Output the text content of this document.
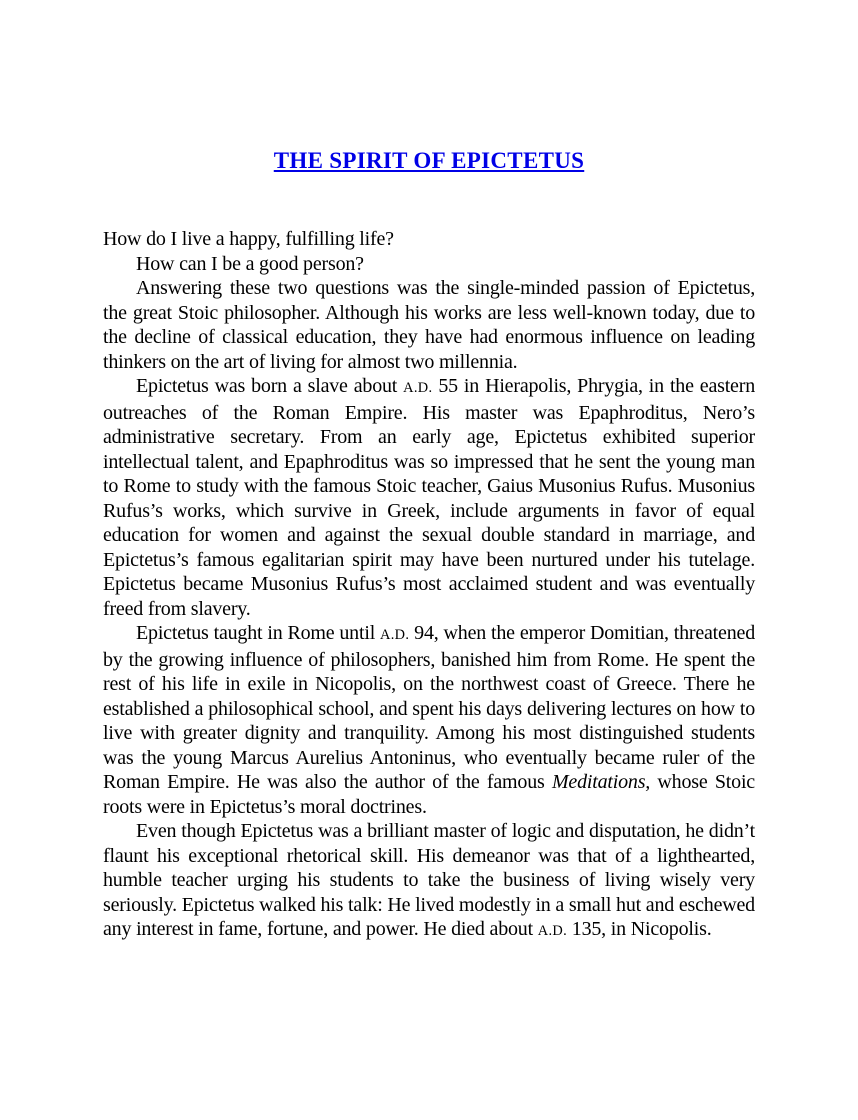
THE SPIRIT OF EPICTETUS

How do I live a happy, fulfilling life?

How can I be a good person?

Answering these two questions was the single-minded passion of Epictetus, the great Stoic philosopher. Although his works are less well-known today, due to the decline of classical education, they have had enormous influence on leading thinkers on the art of living for almost two millennia.

Epictetus was born a slave about A.D. 55 in Hierapolis, Phrygia, in the eastern outreaches of the Roman Empire. His master was Epaphroditus, Nero’s administrative secretary. From an early age, Epictetus exhibited superior intellectual talent, and Epaphroditus was so impressed that he sent the young man to Rome to study with the famous Stoic teacher, Gaius Musonius Rufus. Musonius Rufus’s works, which survive in Greek, include arguments in favor of equal education for women and against the sexual double standard in marriage, and Epictetus’s famous egalitarian spirit may have been nurtured under his tutelage. Epictetus became Musonius Rufus’s most acclaimed student and was eventually freed from slavery.

Epictetus taught in Rome until A.D. 94, when the emperor Domitian, threatened by the growing influence of philosophers, banished him from Rome. He spent the rest of his life in exile in Nicopolis, on the northwest coast of Greece. There he established a philosophical school, and spent his days delivering lectures on how to live with greater dignity and tranquility. Among his most distinguished students was the young Marcus Aurelius Antoninus, who eventually became ruler of the Roman Empire. He was also the author of the famous Meditations, whose Stoic roots were in Epictetus’s moral doctrines.

Even though Epictetus was a brilliant master of logic and disputation, he didn’t flaunt his exceptional rhetorical skill. His demeanor was that of a lighthearted, humble teacher urging his students to take the business of living wisely very seriously. Epictetus walked his talk: He lived modestly in a small hut and eschewed any interest in fame, fortune, and power. He died about A.D. 135, in Nicopolis.
